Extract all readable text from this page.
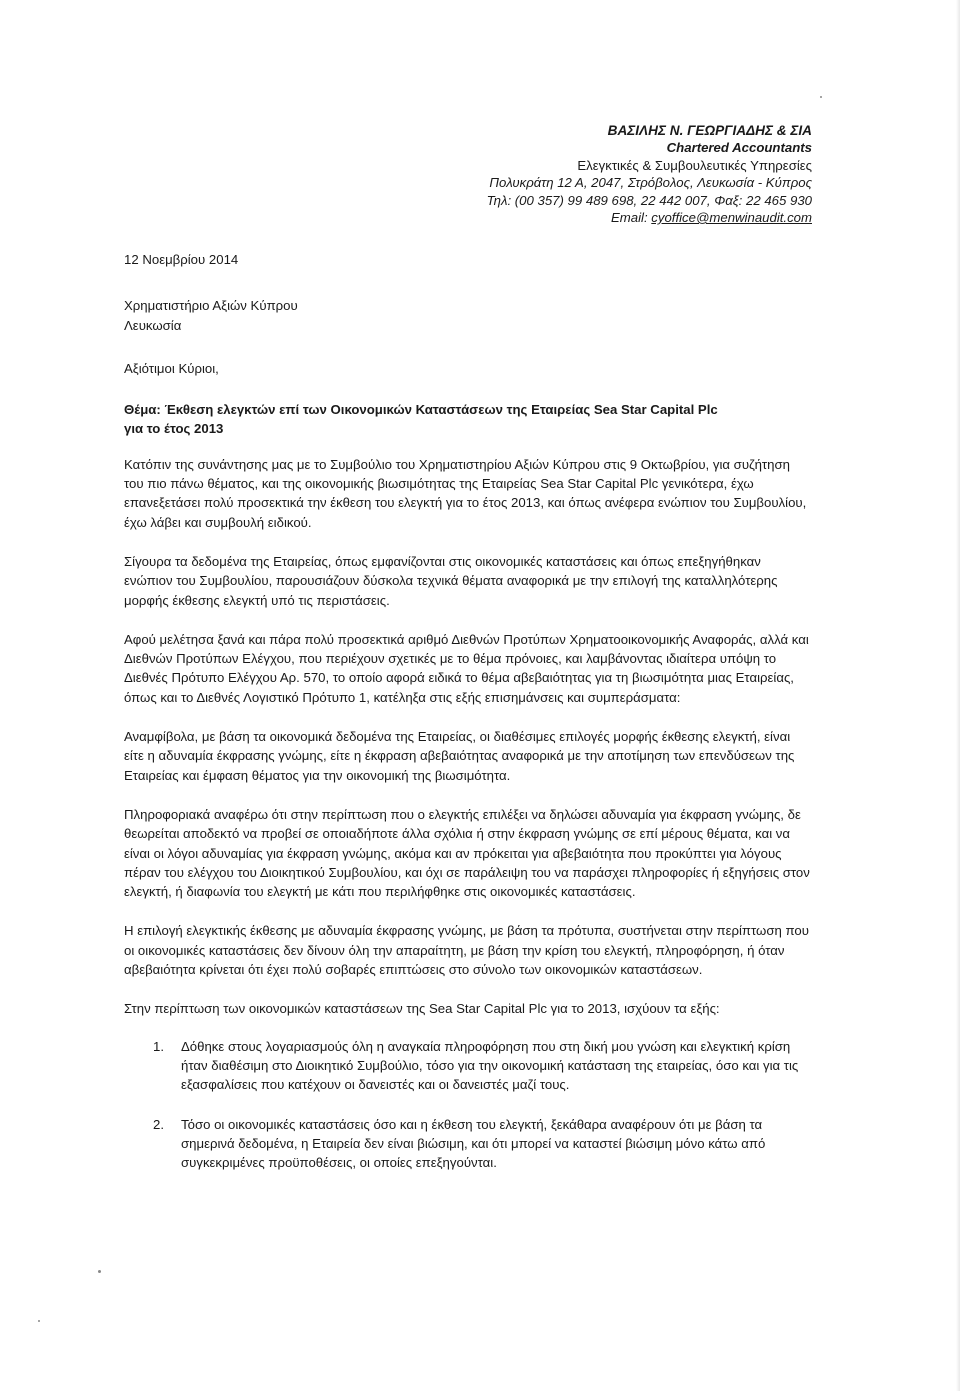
ΒΑΣΙΛΗΣ Ν. ΓΕΩΡΓΙΑΔΗΣ & ΣΙΑ
Chartered Accountants
Ελεγκτικές & Συμβουλευτικές Υπηρεσίες
Πολυκράτη 12 Α, 2047, Στρόβολος, Λευκωσία - Κύπρος
Τηλ: (00 357) 99 489 698, 22 442 007, Φαξ: 22 465 930
Email: cyoffice@menwinaudit.com
12 Νοεμβρίου 2014
Χρηματιστήριο Αξιών Κύπρου
Λευκωσία
Αξιότιμοι Κύριοι,
Θέμα: Έκθεση ελεγκτών επί των Οικονομικών Καταστάσεων της Εταιρείας Sea Star Capital Plc
για το έτος 2013

Κατόπιν της συνάντησης μας με το Συμβούλιο του Χρηματιστηρίου Αξιών Κύπρου στις 9 Οκτωβρίου, για συζήτηση του πιο πάνω θέματος, και της οικονομικής βιωσιμότητας της Εταιρείας Sea Star Capital Plc γενικότερα, έχω επανεξετάσει πολύ προσεκτικά την έκθεση του ελεγκτή για το έτος 2013, και όπως ανέφερα ενώπιον του Συμβουλίου, έχω λάβει και συμβουλή ειδικού.

Σίγουρα τα δεδομένα της Εταιρείας, όπως εμφανίζονται στις οικονομικές καταστάσεις και όπως επεξηγήθηκαν ενώπιον του Συμβουλίου, παρουσιάζουν δύσκολα τεχνικά θέματα αναφορικά με την επιλογή της καταλληλότερης μορφής έκθεσης ελεγκτή υπό τις περιστάσεις.

Αφού μελέτησα ξανά και πάρα πολύ προσεκτικά αριθμό Διεθνών Προτύπων Χρηματοοικονομικής Αναφοράς, αλλά και Διεθνών Προτύπων Ελέγχου, που περιέχουν σχετικές με το θέμα πρόνοιες, και λαμβάνοντας ιδιαίτερα υπόψη το Διεθνές Πρότυπο Ελέγχου Αρ. 570, το οποίο αφορά ειδικά το θέμα αβεβαιότητας για τη βιωσιμότητα μιας Εταιρείας, όπως και το Διεθνές Λογιστικό Πρότυπο 1, κατέληξα στις εξής επισημάνσεις και συμπεράσματα:

Αναμφίβολα, με βάση τα οικονομικά δεδομένα της Εταιρείας, οι διαθέσιμες επιλογές μορφής έκθεσης ελεγκτή, είναι είτε η αδυναμία έκφρασης γνώμης, είτε η έκφραση αβεβαιότητας αναφορικά με την αποτίμηση των επενδύσεων της Εταιρείας και έμφαση θέματος για την οικονομική της βιωσιμότητα.

Πληροφοριακά αναφέρω ότι στην περίπτωση που ο ελεγκτής επιλέξει να δηλώσει αδυναμία για έκφραση γνώμης, δε θεωρείται αποδεκτό να προβεί σε οποιαδήποτε άλλα σχόλια ή στην έκφραση γνώμης σε επί μέρους θέματα, και να είναι οι λόγοι αδυναμίας για έκφραση γνώμης, ακόμα και αν πρόκειται για αβεβαιότητα που προκύπτει για λόγους πέραν του ελέγχου του Διοικητικού Συμβουλίου, και όχι σε παράλειψη του να παράσχει πληροφορίες ή εξηγήσεις στον ελεγκτή, ή διαφωνία του ελεγκτή με κάτι που περιλήφθηκε στις οικονομικές καταστάσεις.

Η επιλογή ελεγκτικής έκθεσης με αδυναμία έκφρασης γνώμης, με βάση τα πρότυπα, συστήνεται στην περίπτωση που οι οικονομικές καταστάσεις δεν δίνουν όλη την απαραίτητη, με βάση την κρίση του ελεγκτή, πληροφόρηση, ή όταν αβεβαιότητα κρίνεται ότι έχει πολύ σοβαρές επιπτώσεις στο σύνολο των οικονομικών καταστάσεων.

Στην περίπτωση των οικονομικών καταστάσεων της Sea Star Capital Plc για το 2013, ισχύουν τα εξής:

1. Δόθηκε στους λογαριασμούς όλη η αναγκαία πληροφόρηση που στη δική μου γνώση και ελεγκτική κρίση ήταν διαθέσιμη στο Διοικητικό Συμβούλιο, τόσο για την οικονομική κατάσταση της εταιρείας, όσο και για τις εξασφαλίσεις που κατέχουν οι δανειστές και οι δανειστές μαζί τους.
2. Τόσο οι οικονομικές καταστάσεις όσο και η έκθεση του ελεγκτή, ξεκάθαρα αναφέρουν ότι με βάση τα σημερινά δεδομένα, η Εταιρεία δεν είναι βιώσιμη, και ότι μπορεί να καταστεί βιώσιμη μόνο κάτω από συγκεκριμένες προϋποθέσεις, οι οποίες επεξηγούνται.
